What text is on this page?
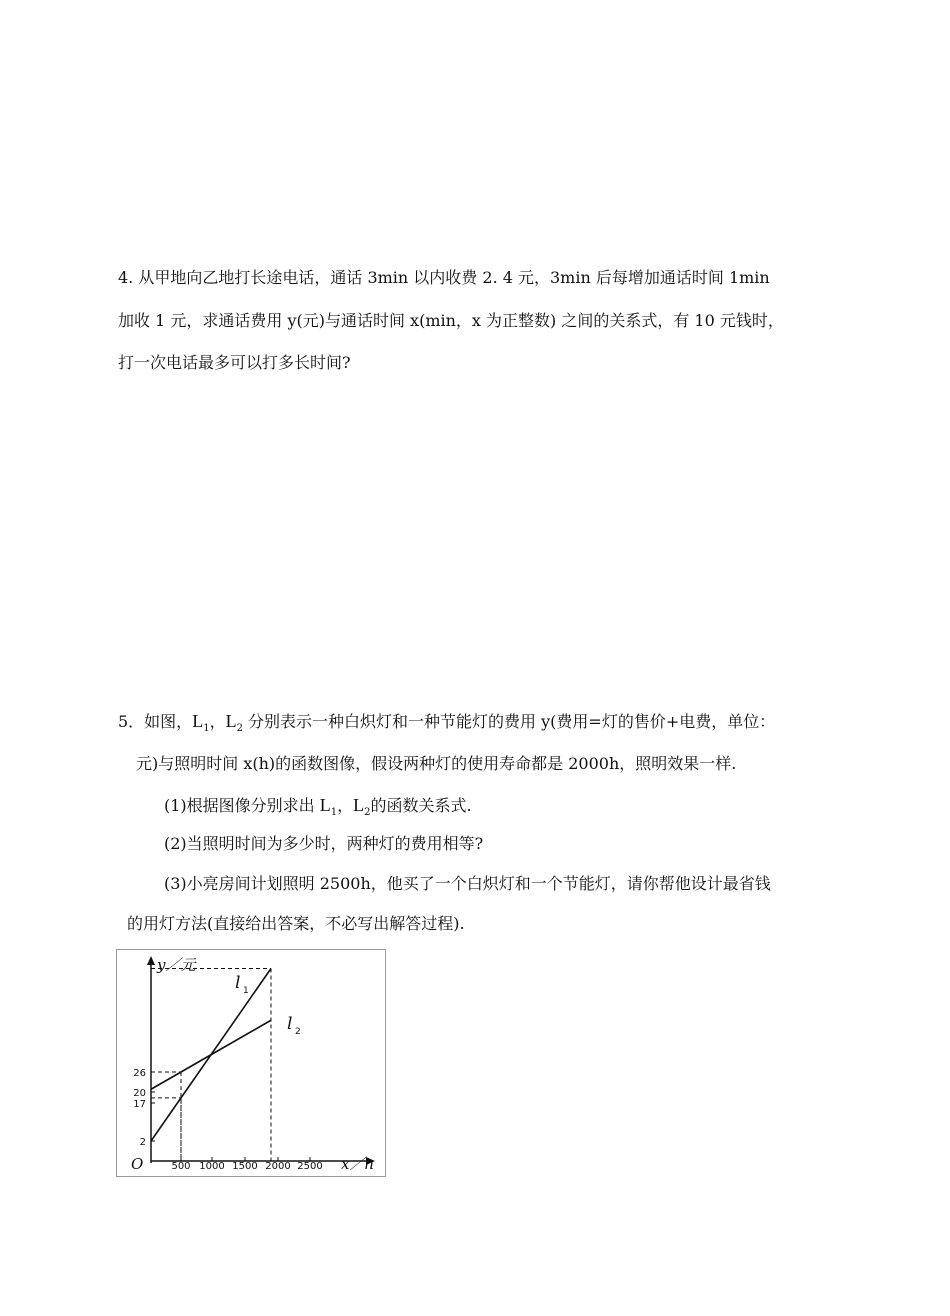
4. 从甲地向乙地打长途电话，通话 3min 以内收费 2. 4 元，3min 后每增加通话时间 1min
加收 1 元，求通话费用 y(元)与通话时间 x(min，x 为正整数) 之间的关系式，有 10 元钱时，
打一次电话最多可以打多长时间?
5．如图，$L_1$，$L_2$ 分别表示一种白炽灯和一种节能灯的费用 y(费用=灯的售价+电费，单位：
元)与照明时间 x(h)的函数图像，假设两种灯的使用寿命都是 2000h，照明效果一样.
(1)根据图像分别求出 $L_1$，$L_2$的函数关系式.
(2)当照明时间为多少时，两种灯的费用相等?
(3)小亮房间计划照明 2500h，他买了一个白炽灯和一个节能灯，请你帮他设计最省钱
的用灯方法(直接给出答案，不必写出解答过程).
y／元
x／h
O	500 1000 1500 2000 2500
2
17
20
26
l 1
l 2
